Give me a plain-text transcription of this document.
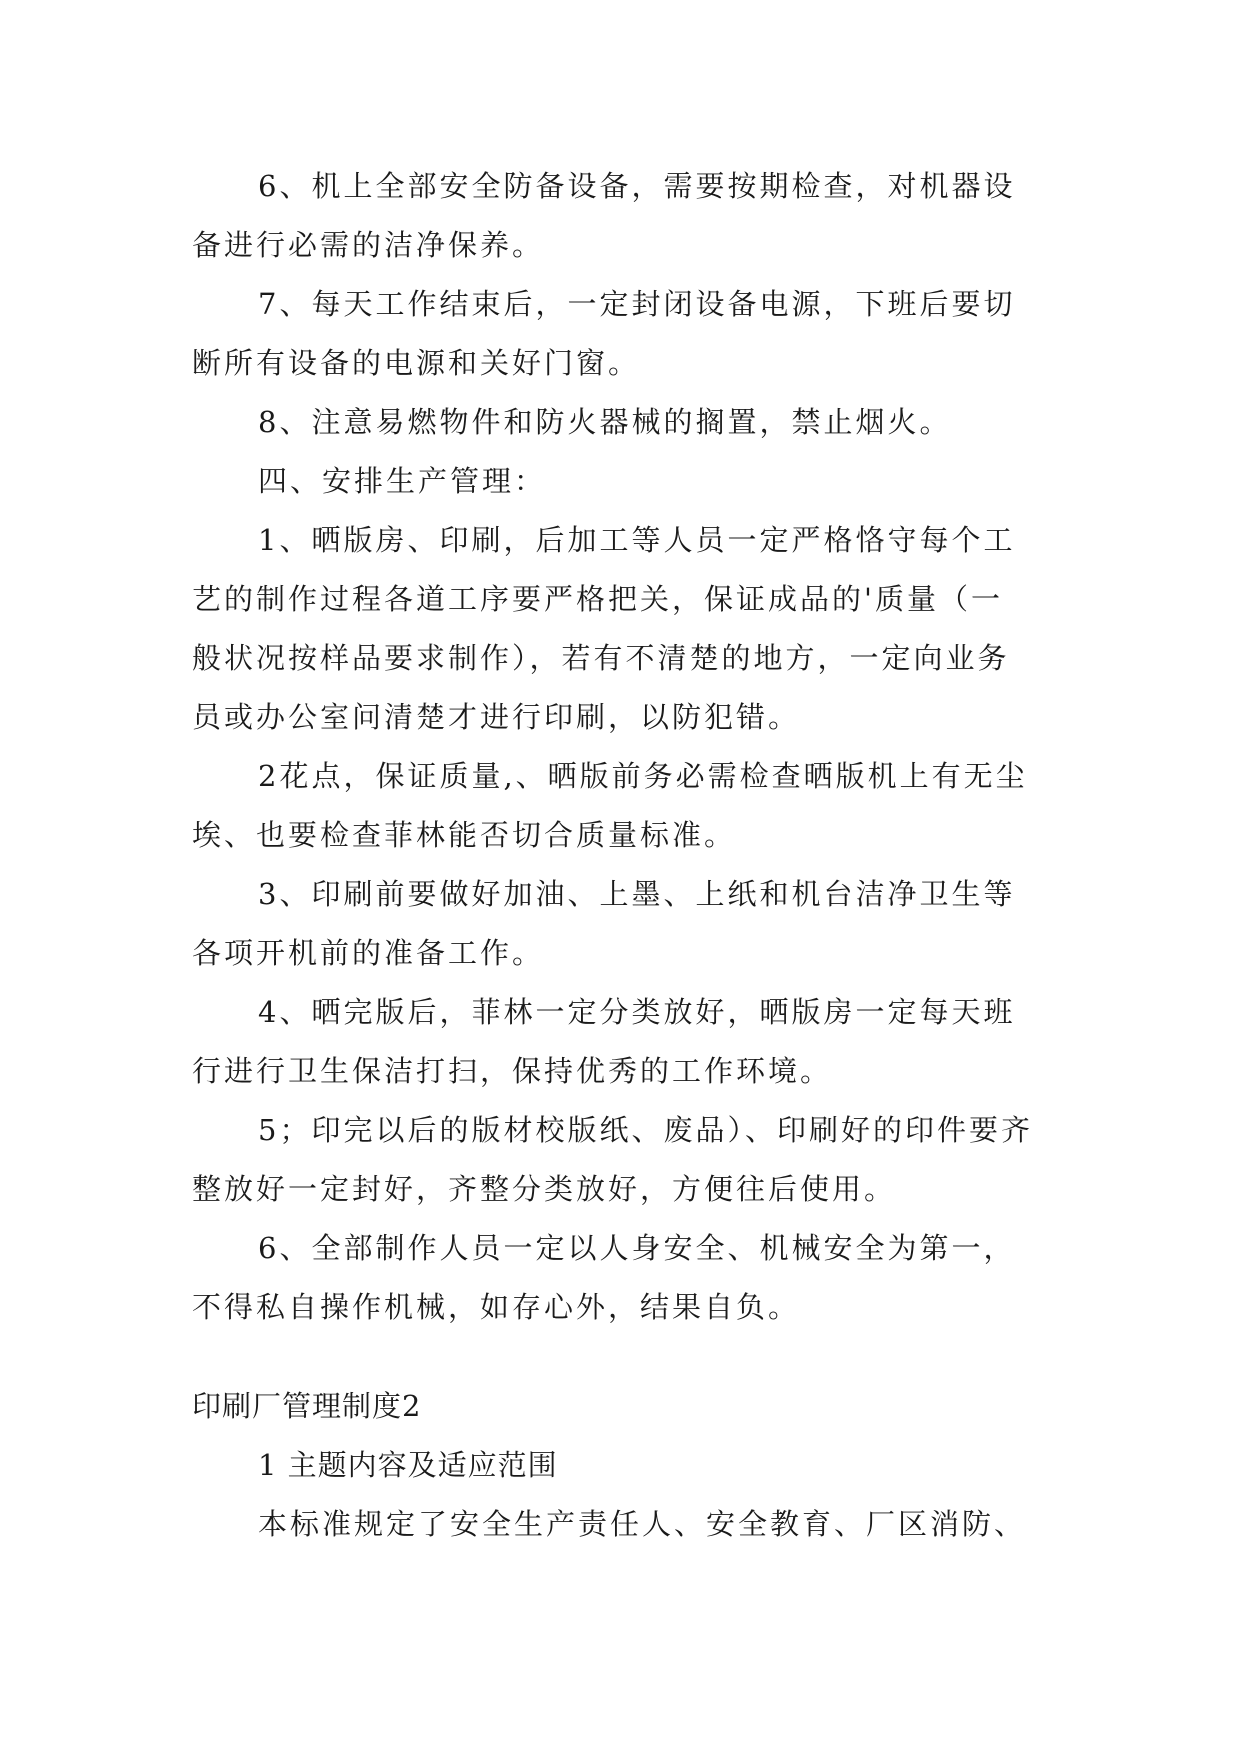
6、机上全部安全防备设备，需要按期检查，对机器设
备进行必需的洁净保养。
7、每天工作结束后，一定封闭设备电源，下班后要切
断所有设备的电源和关好门窗。
8、注意易燃物件和防火器械的搁置，禁止烟火。
四、安排生产管理：
1、晒版房、印刷，后加工等人员一定严格恪守每个工
艺的制作过程各道工序要严格把关，保证成品的'质量（一
般状况按样品要求制作），若有不清楚的地方，一定向业务
员或办公室问清楚才进行印刷，以防犯错。
2花点，保证质量,、晒版前务必需检查晒版机上有无尘
埃、也要检查菲林能否切合质量标准。
3、印刷前要做好加油、上墨、上纸和机台洁净卫生等
各项开机前的准备工作。
4、晒完版后，菲林一定分类放好，晒版房一定每天班
行进行卫生保洁打扫，保持优秀的工作环境。
5；印完以后的版材校版纸、废品）、印刷好的印件要齐
整放好一定封好，齐整分类放好，方便往后使用。
6、全部制作人员一定以人身安全、机械安全为第一，
不得私自操作机械，如存心外，结果自负。
印刷厂管理制度2
1 主题内容及适应范围
本标准规定了安全生产责任人、安全教育、厂区消防、
